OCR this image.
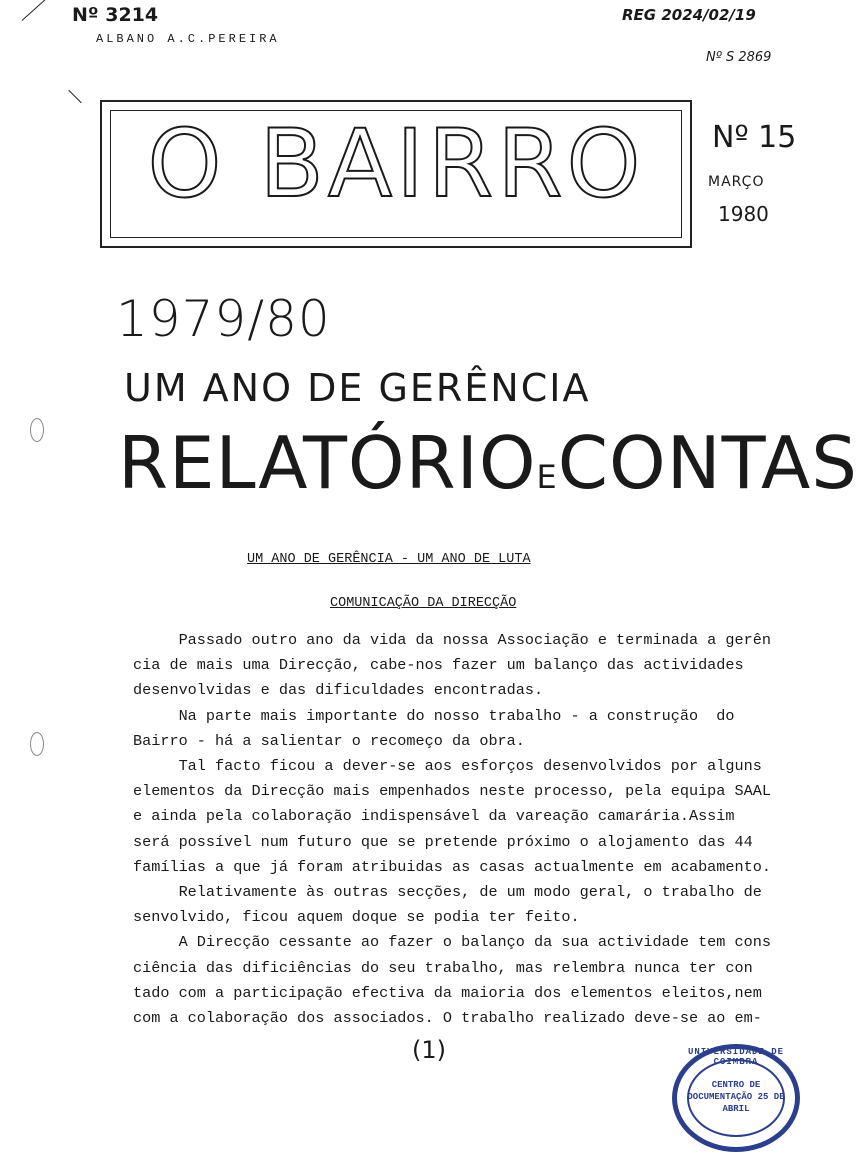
Nº 3214
ALBANO A.C.PEREIRA
REG 2024/02/19
Nº S 2869
O BAIRRO	Nº 15
MARÇO
1980
1979/80
UM ANO DE GERÊNCIA
RELATÓRIOECONTAS
UM ANO DE GERÊNCIA - UM ANO DE LUTA
COMUNICAÇÃO DA DIRECÇÃO

Passado outro ano da vida da nossa Associação e terminada a gerên

cia de mais uma Direcção, cabe-nos fazer um balanço das actividades

desenvolvidas e das dificuldades encontradas.

Na parte mais importante do nosso trabalho - a construção  do

Bairro - há a salientar o recomeço da obra.

Tal facto ficou a dever-se aos esforços desenvolvidos por alguns

elementos da Direcção mais empenhados neste processo, pela equipa SAAL

e ainda pela colaboração indispensável da vareação camarária.Assim

será possível num futuro que se pretende próximo o alojamento das 44

famílias a que já foram atribuidas as casas actualmente em acabamento.

Relativamente às outras secções, de um modo geral, o trabalho de

senvolvido, ficou aquem doque se podia ter feito.

A Direcção cessante ao fazer o balanço da sua actividade tem cons

ciência das dificiências do seu trabalho, mas relembra nunca ter con

tado com a participação efectiva da maioria dos elementos eleitos,nem

com a colaboração dos associados. O trabalho realizado deve-se ao em-

(1)	UNIVERSIDADE DE COIMBRA
CENTRO DE DOCUMENTAÇÃO 25 DE ABRIL
